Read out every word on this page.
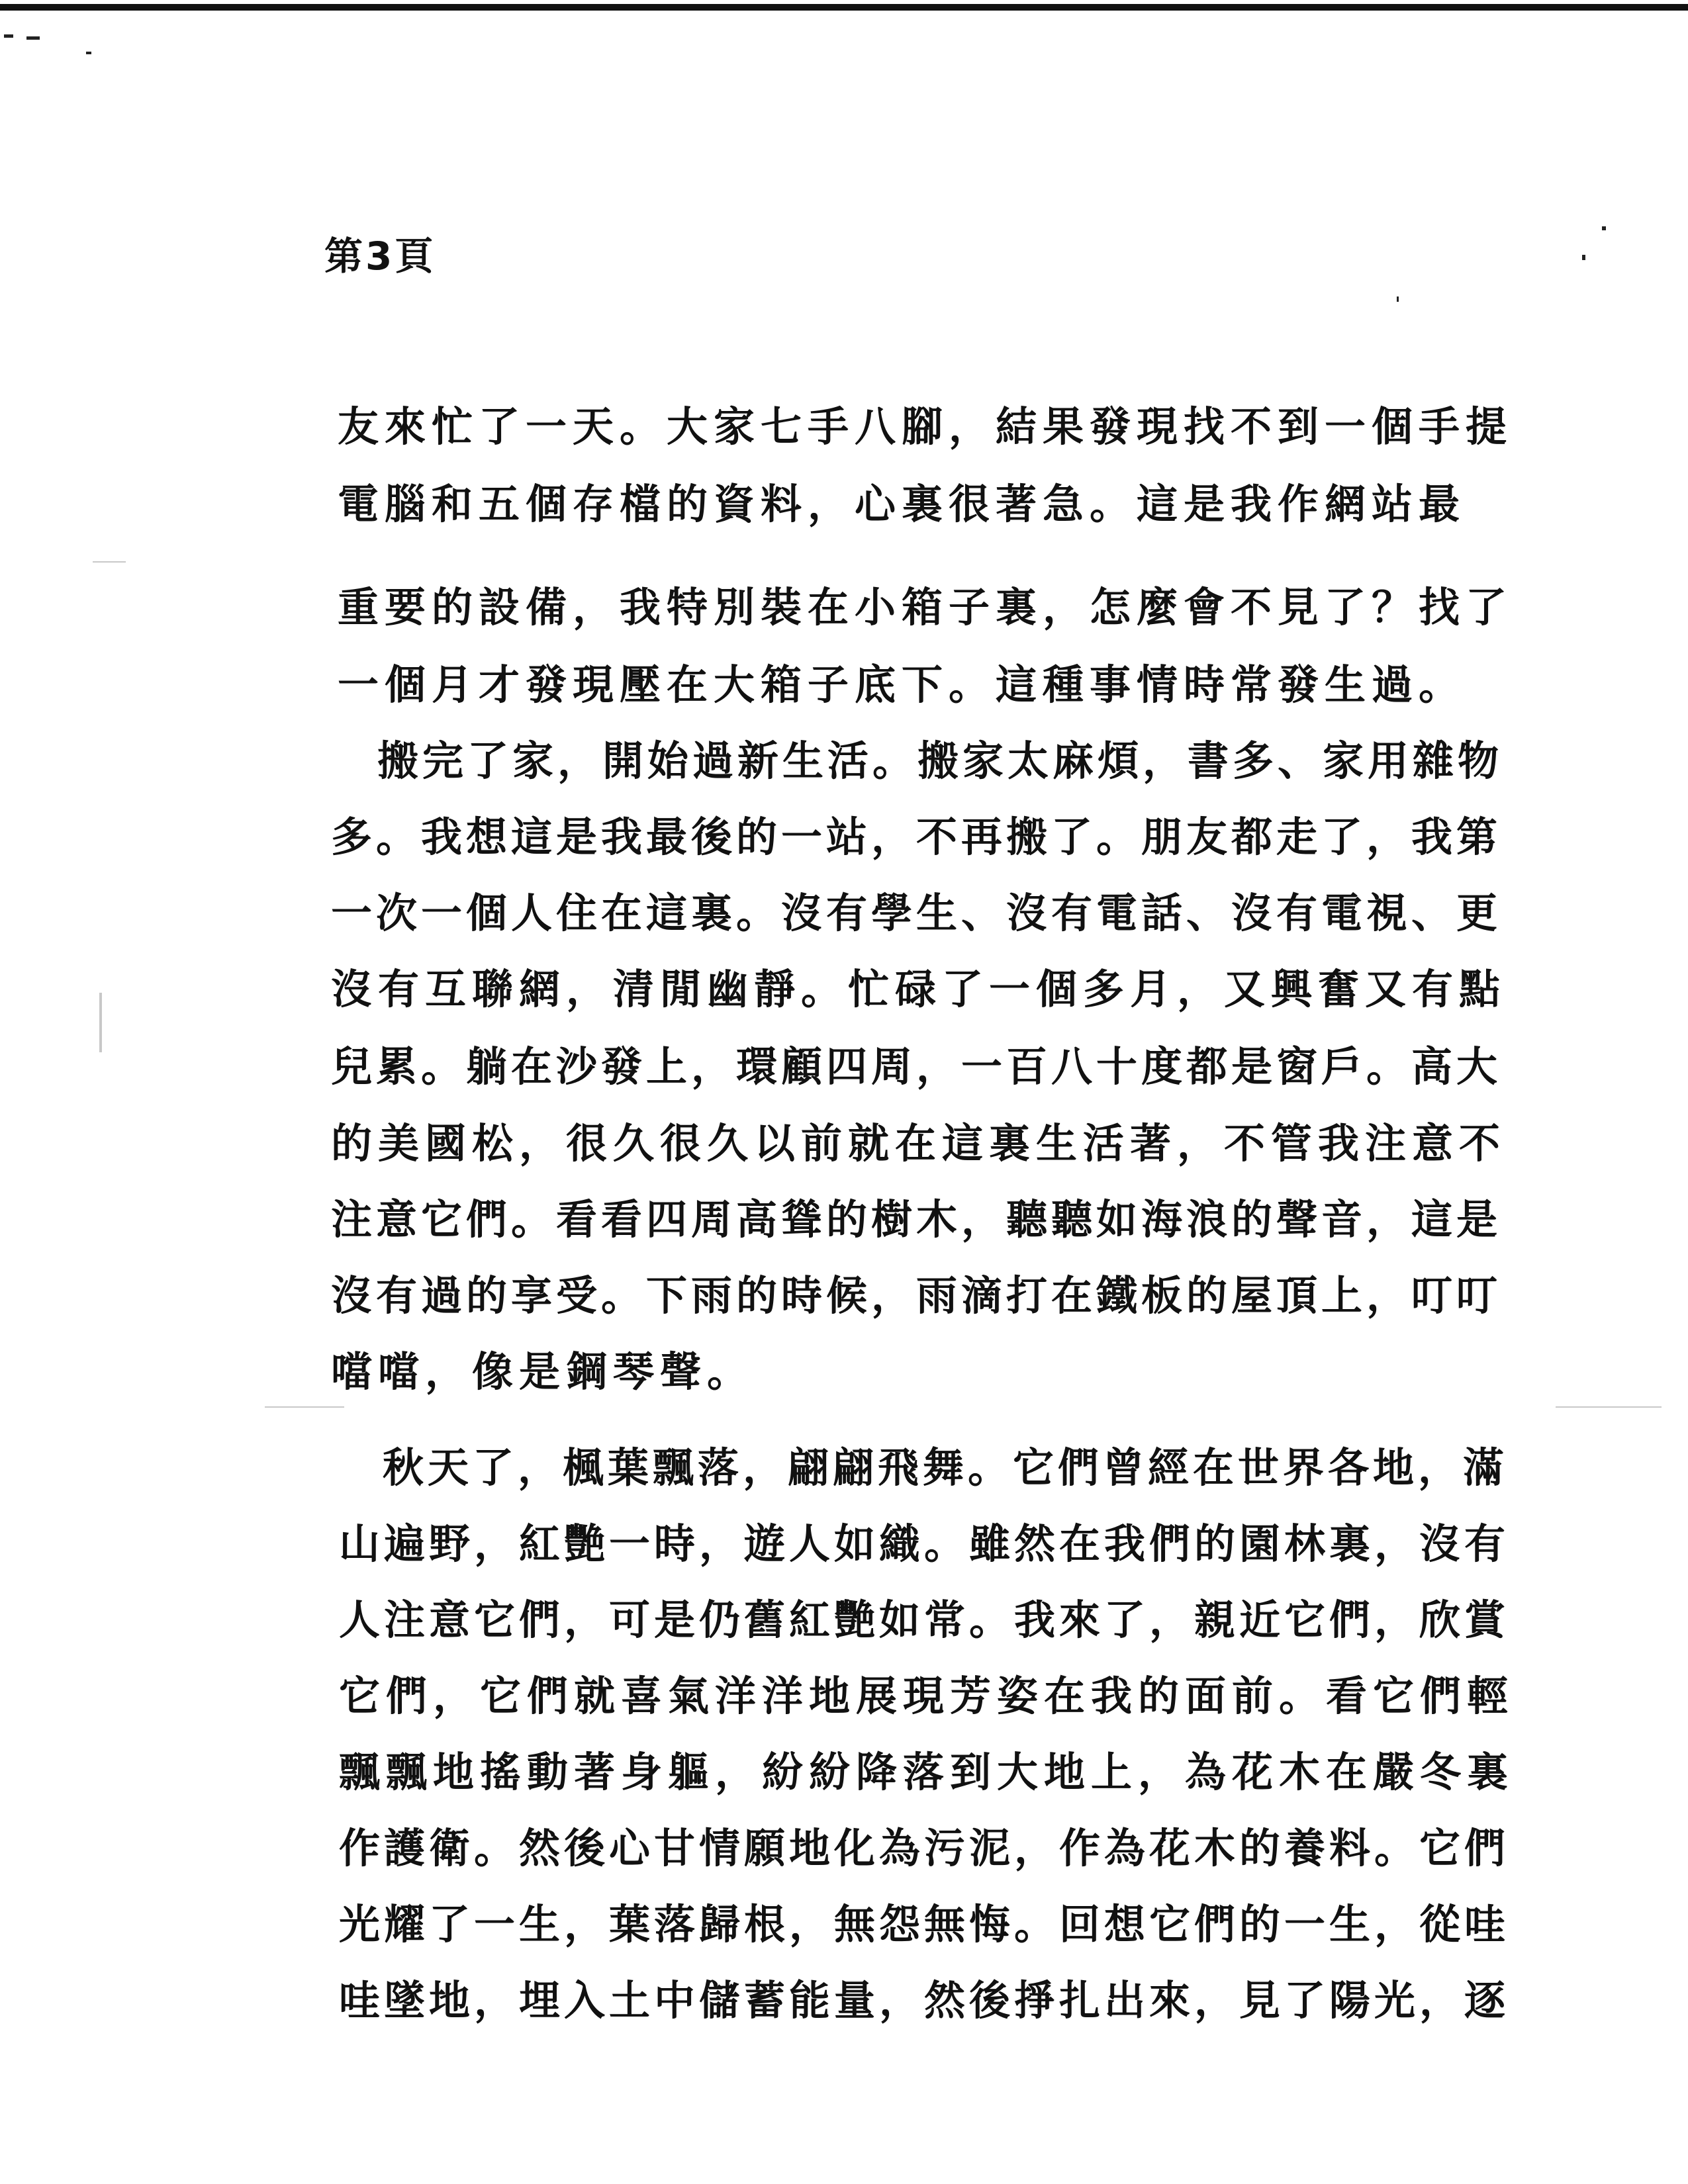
第3頁
友來忙了一天。大家七手八腳，結果發現找不到一個手提
電腦和五個存檔的資料，心裏很著急。這是我作網站最
重要的設備，我特別裝在小箱子裏，怎麼會不見了？找了
一個月才發現壓在大箱子底下。這種事情時常發生過。
搬完了家，開始過新生活。搬家太麻煩，書多、家用雜物
多。我想這是我最後的一站，不再搬了。朋友都走了，我第
一次一個人住在這裏。沒有學生、沒有電話、沒有電視、更
沒有互聯網，清閒幽靜。忙碌了一個多月，又興奮又有點
兒累。躺在沙發上，環顧四周，一百八十度都是窗戶。高大
的美國松，很久很久以前就在這裏生活著，不管我注意不
注意它們。看看四周高聳的樹木，聽聽如海浪的聲音，這是
沒有過的享受。下雨的時候，雨滴打在鐵板的屋頂上，叮叮
噹噹，像是鋼琴聲。
秋天了，楓葉飄落，翩翩飛舞。它們曾經在世界各地，滿
山遍野，紅艷一時，遊人如織。雖然在我們的園林裏，沒有
人注意它們，可是仍舊紅艷如常。我來了，親近它們，欣賞
它們，它們就喜氣洋洋地展現芳姿在我的面前。看它們輕
飄飄地搖動著身軀，紛紛降落到大地上，為花木在嚴冬裏
作護衛。然後心甘情願地化為污泥，作為花木的養料。它們
光耀了一生，葉落歸根，無怨無悔。回想它們的一生，從哇
哇墜地，埋入土中儲蓄能量，然後掙扎出來，見了陽光，逐
